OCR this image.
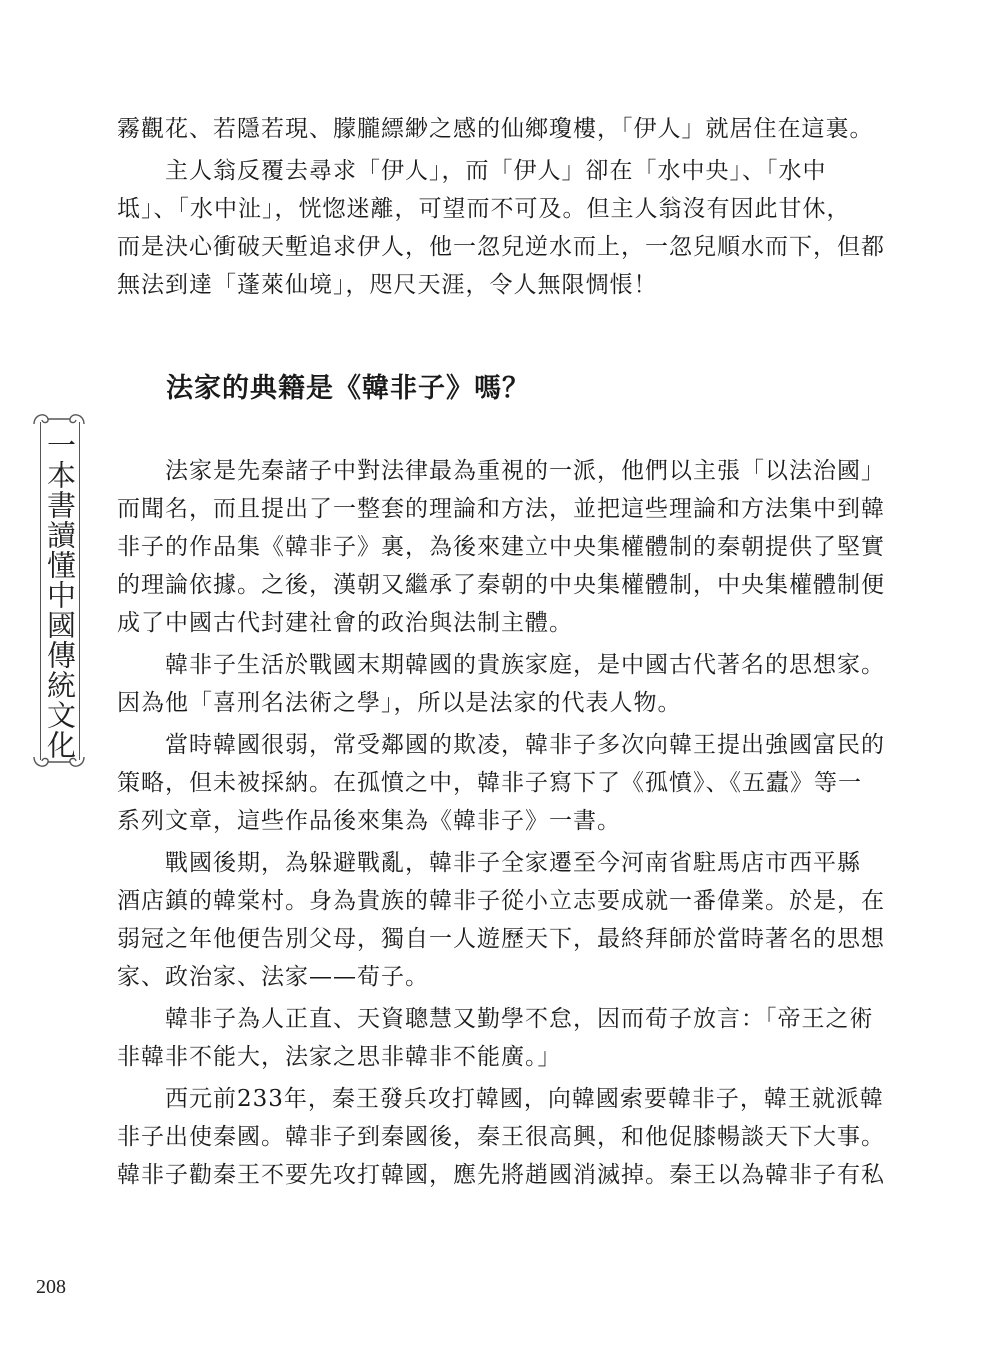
一本書讀懂中國傳統文化

霧觀花、若隱若現、朦朧縹緲之感的仙鄉瓊樓，「伊人」就居住在這裏。

主人翁反覆去尋求「伊人」，而「伊人」卻在「水中央」、「水中
坻」、「水中沚」，恍惚迷離，可望而不可及。但主人翁沒有因此甘休，
而是決心衝破天塹追求伊人，他一忽兒逆水而上，一忽兒順水而下，但都
無法到達「蓬萊仙境」，咫尺天涯，令人無限惆悵！

法家的典籍是《韓非子》嗎？

法家是先秦諸子中對法律最為重視的一派，他們以主張「以法治國」
而聞名，而且提出了一整套的理論和方法，並把這些理論和方法集中到韓
非子的作品集《韓非子》裏，為後來建立中央集權體制的秦朝提供了堅實
的理論依據。之後，漢朝又繼承了秦朝的中央集權體制，中央集權體制便
成了中國古代封建社會的政治與法制主體。

韓非子生活於戰國末期韓國的貴族家庭，是中國古代著名的思想家。
因為他「喜刑名法術之學」，所以是法家的代表人物。

當時韓國很弱，常受鄰國的欺凌，韓非子多次向韓王提出強國富民的
策略，但未被採納。在孤憤之中，韓非子寫下了《孤憤》、《五蠹》等一
系列文章，這些作品後來集為《韓非子》一書。

戰國後期，為躲避戰亂，韓非子全家遷至今河南省駐馬店市西平縣
酒店鎮的韓棠村。身為貴族的韓非子從小立志要成就一番偉業。於是，在
弱冠之年他便告別父母，獨自一人遊歷天下，最終拜師於當時著名的思想
家、政治家、法家——荀子。

韓非子為人正直、天資聰慧又勤學不怠，因而荀子放言：「帝王之術
非韓非不能大，法家之思非韓非不能廣。」

西元前233年，秦王發兵攻打韓國，向韓國索要韓非子，韓王就派韓
非子出使秦國。韓非子到秦國後，秦王很高興，和他促膝暢談天下大事。
韓非子勸秦王不要先攻打韓國，應先將趙國消滅掉。秦王以為韓非子有私

208
